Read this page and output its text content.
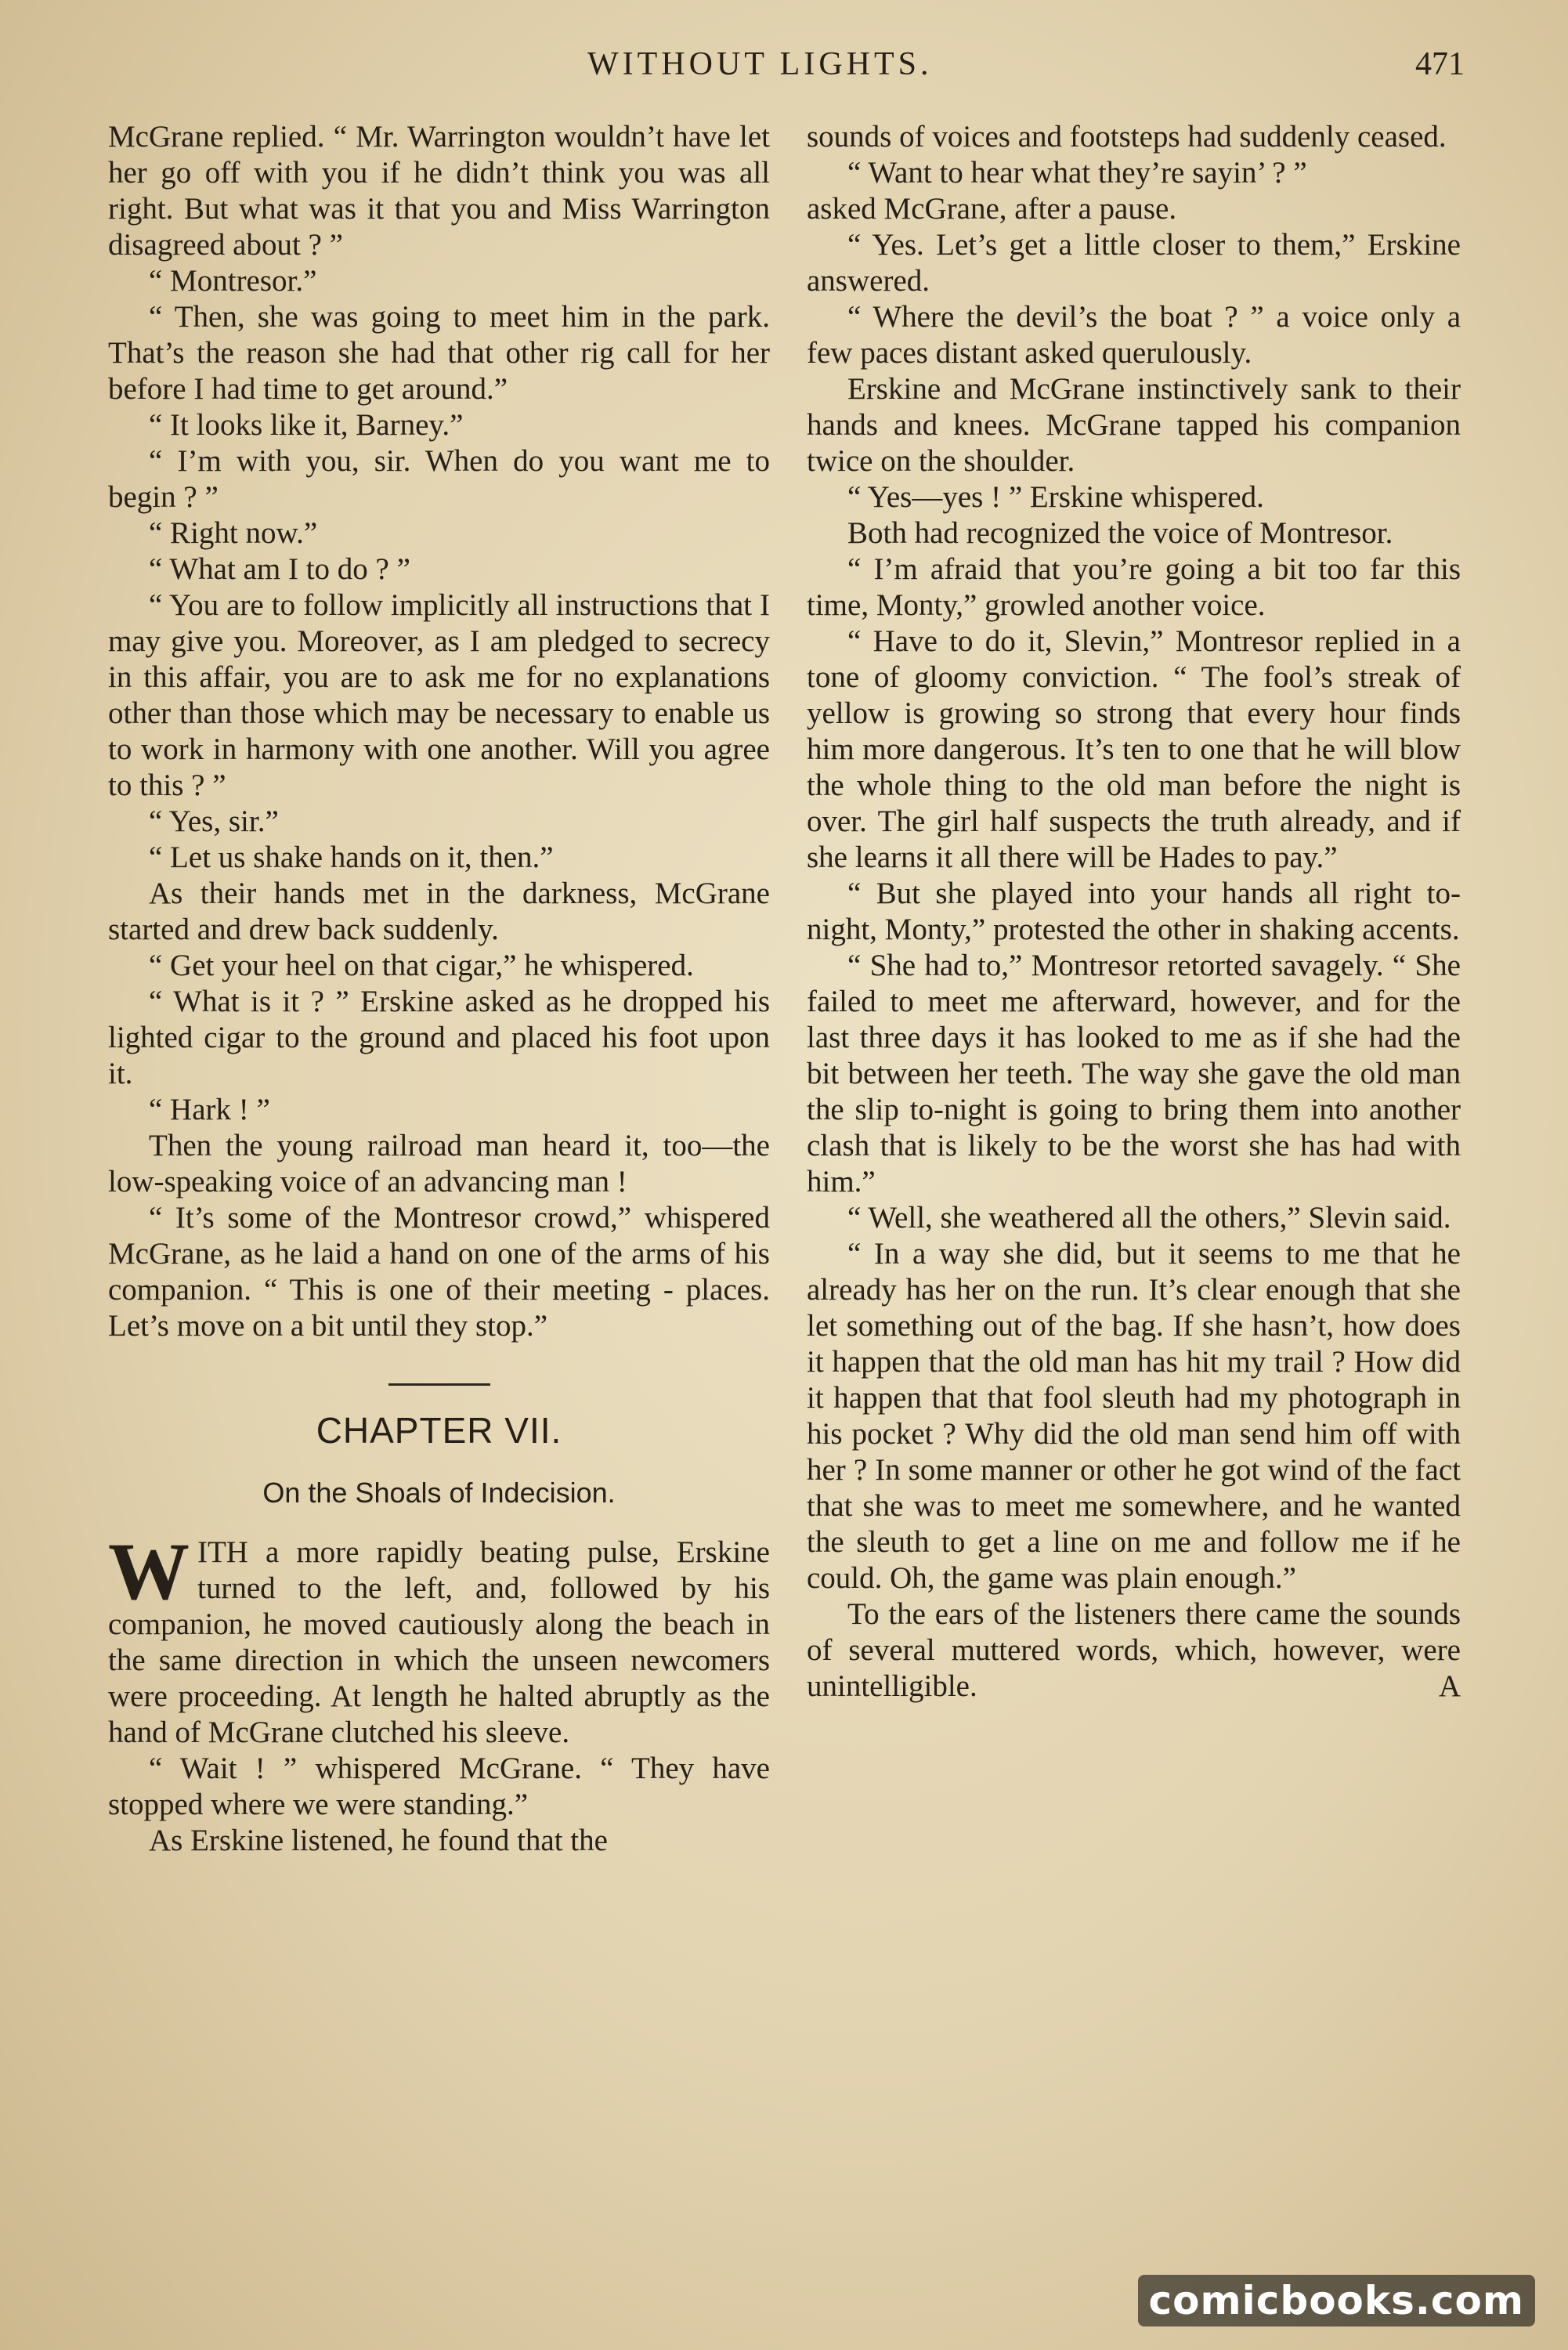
WITHOUT LIGHTS.	471

McGrane replied. “ Mr. Warrington wouldn’t have let her go off with you if he didn’t think you was all right. But what was it that you and Miss Warrington disagreed about ? ”

“ Montresor.”

“ Then, she was going to meet him in the park. That’s the reason she had that other rig call for her before I had time to get around.”

“ It looks like it, Barney.”

“ I’m with you, sir. When do you want me to begin ? ”

“ Right now.”

“ What am I to do ? ”

“ You are to follow implicitly all instructions that I may give you. Moreover, as I am pledged to secrecy in this affair, you are to ask me for no explanations other than those which may be necessary to enable us to work in harmony with one another. Will you agree to this ? ”

“ Yes, sir.”

“ Let us shake hands on it, then.”

As their hands met in the darkness, McGrane started and drew back suddenly.

“ Get your heel on that cigar,” he whispered.

“ What is it ? ” Erskine asked as he dropped his lighted cigar to the ground and placed his foot upon it.

“ Hark ! ”

Then the young railroad man heard it, too—the low-speaking voice of an advancing man !

“ It’s some of the Montresor crowd,” whispered McGrane, as he laid a hand on one of the arms of his companion. “ This is one of their meeting - places. Let’s move on a bit until they stop.”

CHAPTER VII.
On the Shoals of Indecision.

WITH a more rapidly beating pulse, Erskine turned to the left, and, followed by his companion, he moved cautiously along the beach in the same direction in which the unseen newcomers were proceeding. At length he halted abruptly as the hand of McGrane clutched his sleeve.

“ Wait ! ” whispered McGrane. “ They have stopped where we were standing.”

As Erskine listened, he found that the

sounds of voices and footsteps had suddenly ceased.

“ Want to hear what they’re sayin’ ? ”

asked McGrane, after a pause.

“ Yes. Let’s get a little closer to them,” Erskine answered.

“ Where the devil’s the boat ? ” a voice only a few paces distant asked querulously.

Erskine and McGrane instinctively sank to their hands and knees. McGrane tapped his companion twice on the shoulder.

“ Yes—yes ! ” Erskine whispered.

Both had recognized the voice of Montresor.

“ I’m afraid that you’re going a bit too far this time, Monty,” growled another voice.

“ Have to do it, Slevin,” Montresor replied in a tone of gloomy conviction. “ The fool’s streak of yellow is growing so strong that every hour finds him more dangerous. It’s ten to one that he will blow the whole thing to the old man before the night is over. The girl half suspects the truth already, and if she learns it all there will be Hades to pay.”

“ But she played into your hands all right to-night, Monty,” protested the other in shaking accents.

“ She had to,” Montresor retorted savagely. “ She failed to meet me afterward, however, and for the last three days it has looked to me as if she had the bit between her teeth. The way she gave the old man the slip to-night is going to bring them into another clash that is likely to be the worst she has had with him.”

“ Well, she weathered all the others,” Slevin said.

“ In a way she did, but it seems to me that he already has her on the run. It’s clear enough that she let something out of the bag. If she hasn’t, how does it happen that the old man has hit my trail ? How did it happen that that fool sleuth had my photograph in his pocket ? Why did the old man send him off with her ? In some manner or other he got wind of the fact that she was to meet me somewhere, and he wanted the sleuth to get a line on me and follow me if he could. Oh, the game was plain enough.”

To the ears of the listeners there came the sounds of several muttered words, which, however, were unintelligible. A

comicbooks.com
